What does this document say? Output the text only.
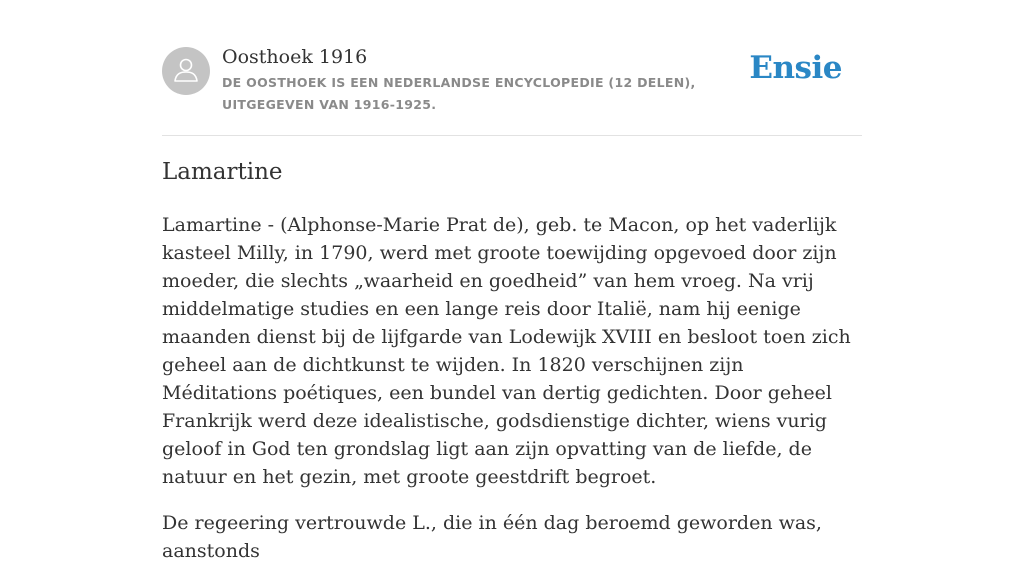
Oosthoek 1916
DE OOSTHOEK IS EEN NEDERLANDSE ENCYCLOPEDIE (12 DELEN), UITGEGEVEN VAN 1916-1925.
Ensie
Lamartine

Lamartine - (Alphonse-Marie Prat de), geb. te Macon, op het vaderlijk kasteel Milly, in 1790, werd met groote toewijding opgevoed door zijn moeder, die slechts „waarheid en goedheid” van hem vroeg. Na vrij middelmatige studies en een lange reis door Italië, nam hij eenige maanden dienst bij de lijfgarde van Lodewijk XVIII en besloot toen zich geheel aan de dichtkunst te wijden. In 1820 verschijnen zijn Méditations poétiques, een bundel van dertig gedichten. Door geheel Frankrijk werd deze idealistische, godsdienstige dichter, wiens vurig geloof in God ten grondslag ligt aan zijn opvatting van de liefde, de natuur en het gezin, met groote geestdrift begroet.

De regeering vertrouwde L., die in één dag beroemd geworden was, aanstonds
